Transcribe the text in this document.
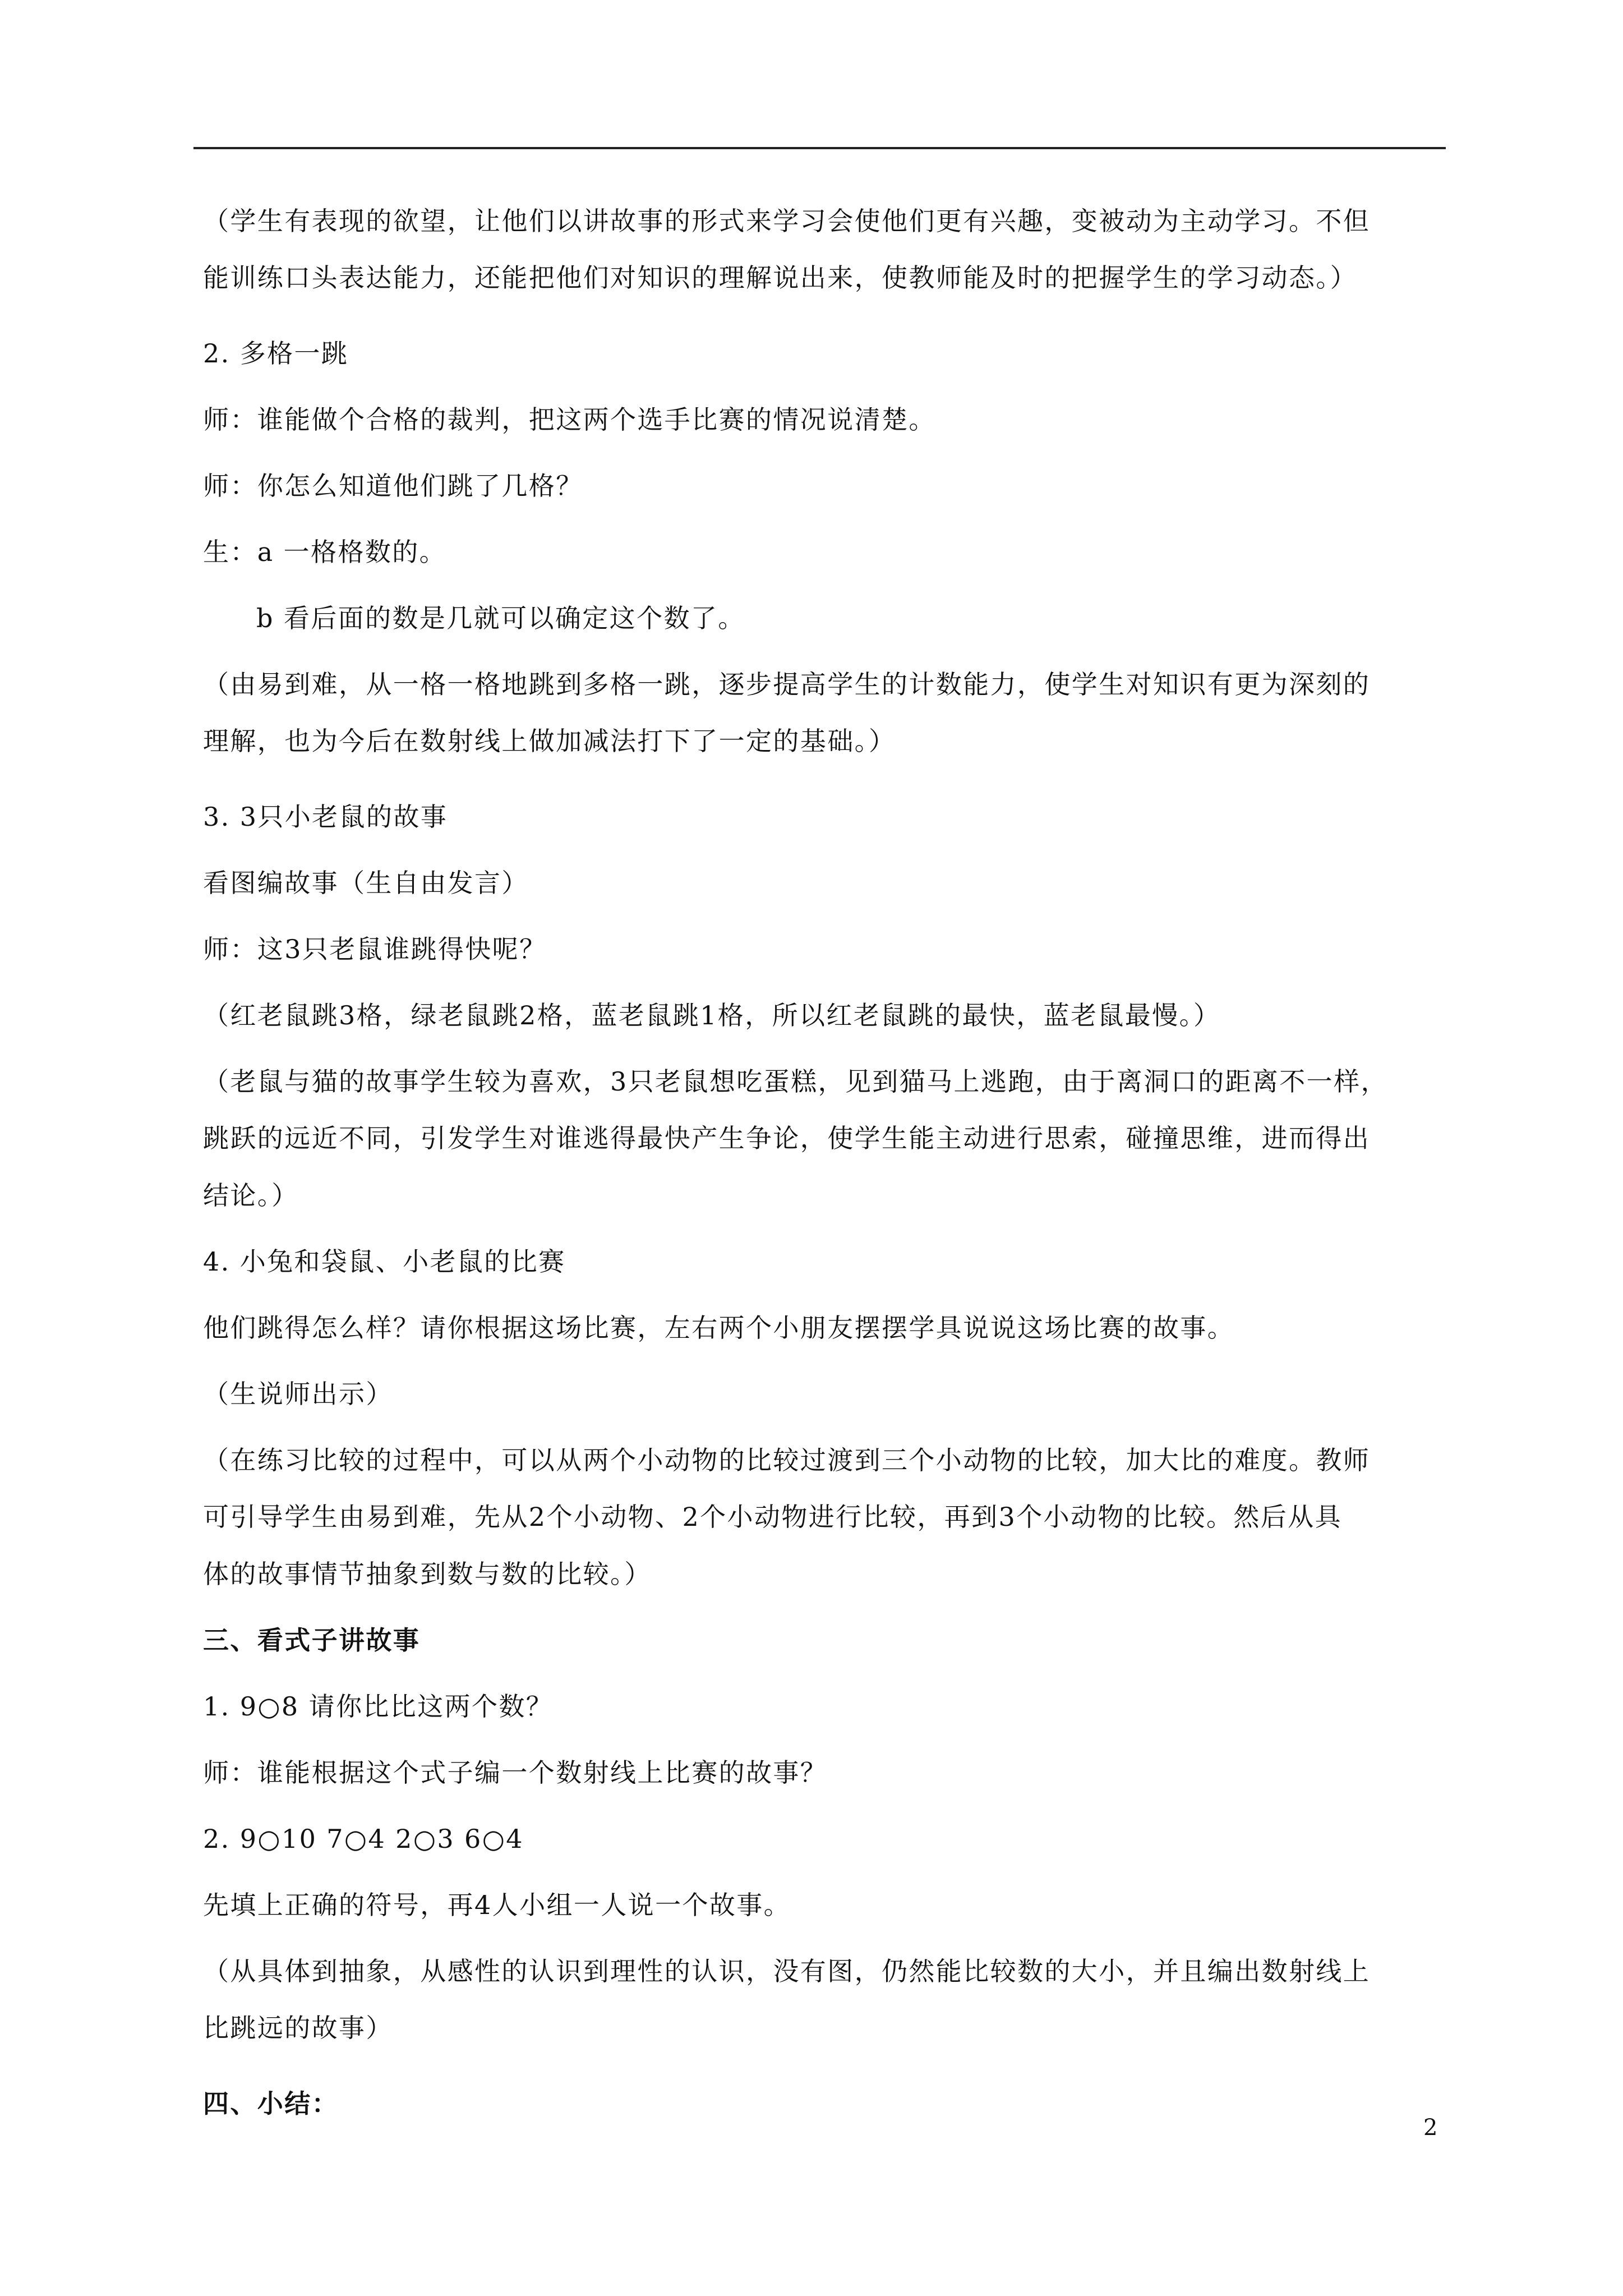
（学生有表现的欲望，让他们以讲故事的形式来学习会使他们更有兴趣，变被动为主动学习。不但
能训练口头表达能力，还能把他们对知识的理解说出来，使教师能及时的把握学生的学习动态。）
2. 多格一跳
师：谁能做个合格的裁判，把这两个选手比赛的情况说清楚。
师：你怎么知道他们跳了几格？
生：a 一格格数的。
b 看后面的数是几就可以确定这个数了。
（由易到难，从一格一格地跳到多格一跳，逐步提高学生的计数能力，使学生对知识有更为深刻的
理解，也为今后在数射线上做加减法打下了一定的基础。）
3. 3只小老鼠的故事
看图编故事（生自由发言）
师：这3只老鼠谁跳得快呢？
（红老鼠跳3格，绿老鼠跳2格，蓝老鼠跳1格，所以红老鼠跳的最快，蓝老鼠最慢。）
（老鼠与猫的故事学生较为喜欢，3只老鼠想吃蛋糕，见到猫马上逃跑，由于离洞口的距离不一样，
跳跃的远近不同，引发学生对谁逃得最快产生争论，使学生能主动进行思索，碰撞思维，进而得出
结论。）
4. 小兔和袋鼠、小老鼠的比赛
他们跳得怎么样？请你根据这场比赛，左右两个小朋友摆摆学具说说这场比赛的故事。
（生说师出示）
（在练习比较的过程中，可以从两个小动物的比较过渡到三个小动物的比较，加大比的难度。教师
可引导学生由易到难，先从2个小动物、2个小动物进行比较，再到3个小动物的比较。然后从具
体的故事情节抽象到数与数的比较。）
三、看式子讲故事
1. 9○8 请你比比这两个数？
师：谁能根据这个式子编一个数射线上比赛的故事？
2. 9○10 7○4 2○3 6○4
先填上正确的符号，再4人小组一人说一个故事。
（从具体到抽象，从感性的认识到理性的认识，没有图，仍然能比较数的大小，并且编出数射线上
比跳远的故事）
四、小结：
2
